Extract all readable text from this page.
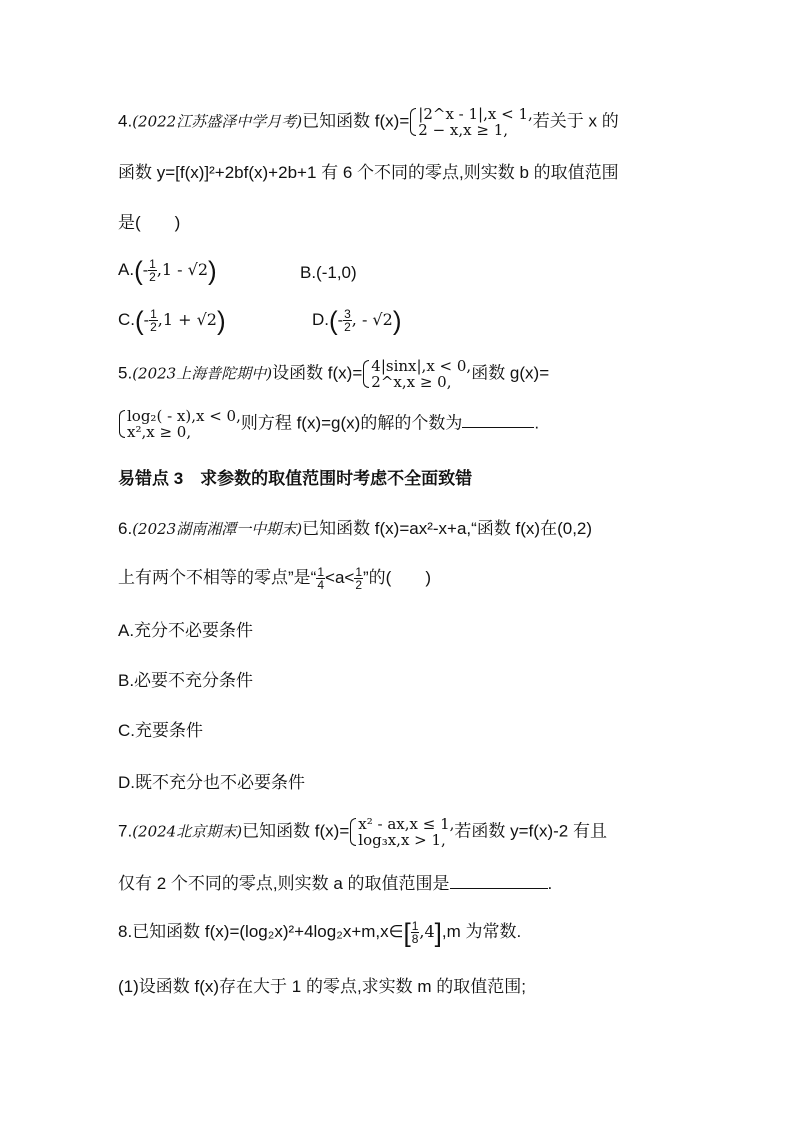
4.(2022江苏盛泽中学月考)已知函数 f(x)= |2^x - 1|,x < 1,
2 − x,x ≥ 1,	若关于 x 的
函数 y=[f(x)]²+2bf(x)+2b+1 有 6 个不同的零点,则实数 b 的取值范围
是(　　)
$A.(- \frac{1}{2} ,1 - √2)$	B.(-1,0)
$C.(- \frac{1}{2} ,1 + √2)$	$D.(- \frac{3}{2}$ , - √2)
5.(2023上海普陀期中)设函数 f(x)= 4|sinx|,x < 0,
2^x,x ≥ 0,	函数 g(x)=
log₂( - x),x < 0,
x²,x ≥ 0,	则方程 f(x)=g(x)的解的个数为	.
易错点 3　求参数的取值范围时考虑不全面致错
6.(2023湖南湘潭一中期末)已知函数 f(x)=ax²-x+a,“函数 f(x)在(0,2)
上有两个不相等的零点”是“ $\frac{1}{4} <a< \frac{1}{2}$ ”的(　　)
A.充分不必要条件
B.必要不充分条件
C.充要条件
D.既不充分也不必要条件
7.(2024北京期末)已知函数 f(x)= x² - ax,x ≤ 1,
log₃x,x > 1, 若函数 y=f(x)-2 有且
仅有 2 个不同的零点,则实数 a 的取值范围是	.
8.已知函数 f(x)=(log₂x)²+4log₂x+m,x∈[ $\frac{1}{8} ,4],m$ 为常数.
(1)设函数 f(x)存在大于 1 的零点,求实数 m 的取值范围;
